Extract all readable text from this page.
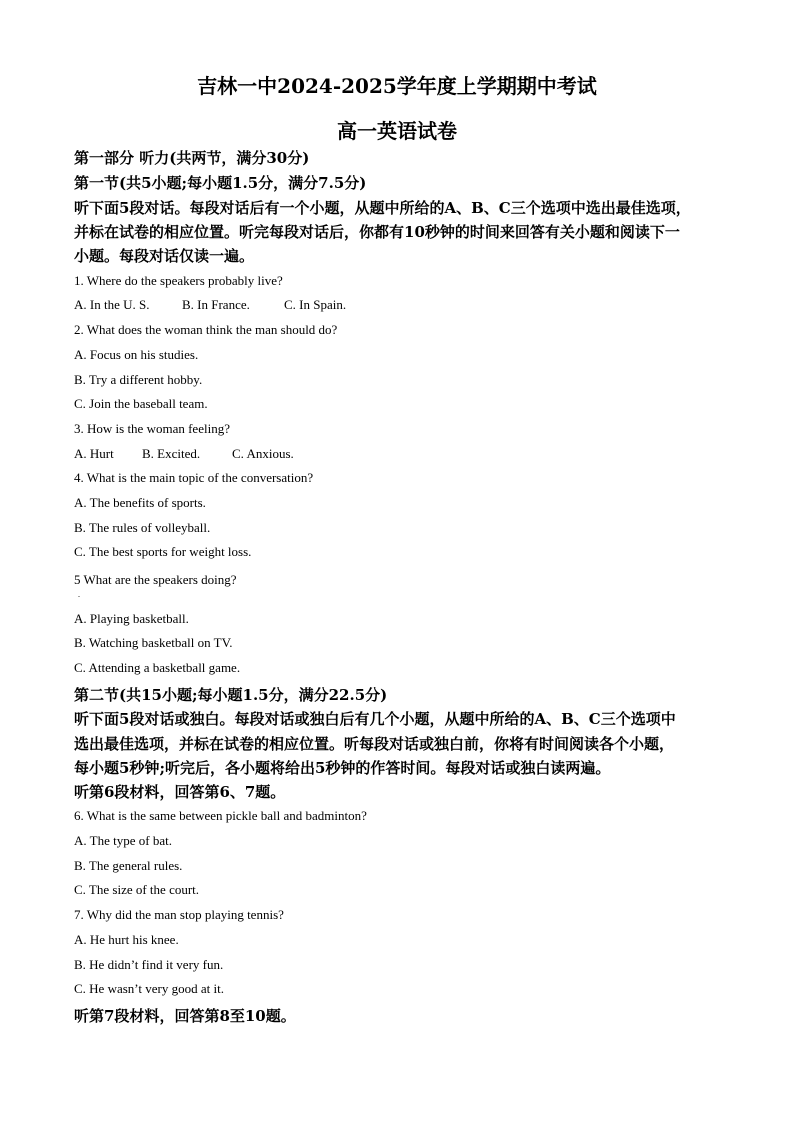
吉林一中2024-2025学年度上学期期中考试
高一英语试卷
第一部分 听力(共两节，满分30分)
第一节(共5小题;每小题1.5分，满分7.5分)
听下面5段对话。每段对话后有一个小题，从题中所给的A、B、C三个选项中选出最佳选项，
并标在试卷的相应位置。听完每段对话后，你都有10秒钟的时间来回答有关小题和阅读下一
小题。每段对话仅读一遍。
1. Where do the speakers probably live?
A. In the U. S.	B. In France.	C. In Spain.
2. What does the woman think the man should do?
A. Focus on his studies.
B. Try a different hobby.
C. Join the baseball team.
3. How is the woman feeling?
A. Hurt B. Excited. C. Anxious.
4. What is the main topic of the conversation?
A. The benefits of sports.
B. The rules of volleyball.
C. The best sports for weight loss.
5 What are the speakers doing?
.
A. Playing basketball.
B. Watching basketball on TV.
C. Attending a basketball game.
第二节(共15小题;每小题1.5分，满分22.5分)
听下面5段对话或独白。每段对话或独白后有几个小题，从题中所给的A、B、C三个选项中
选出最佳选项，并标在试卷的相应位置。听每段对话或独白前，你将有时间阅读各个小题，
每小题5秒钟;听完后，各小题将给出5秒钟的作答时间。每段对话或独白读两遍。
听第6段材料，回答第6、7题。
6. What is the same between pickle ball and badminton?
A. The type of bat.
B. The general rules.
C. The size of the court.
7. Why did the man stop playing tennis?
A. He hurt his knee.
B. He didn’t find it very fun.
C. He wasn’t very good at it.
听第7段材料，回答第8至10题。
